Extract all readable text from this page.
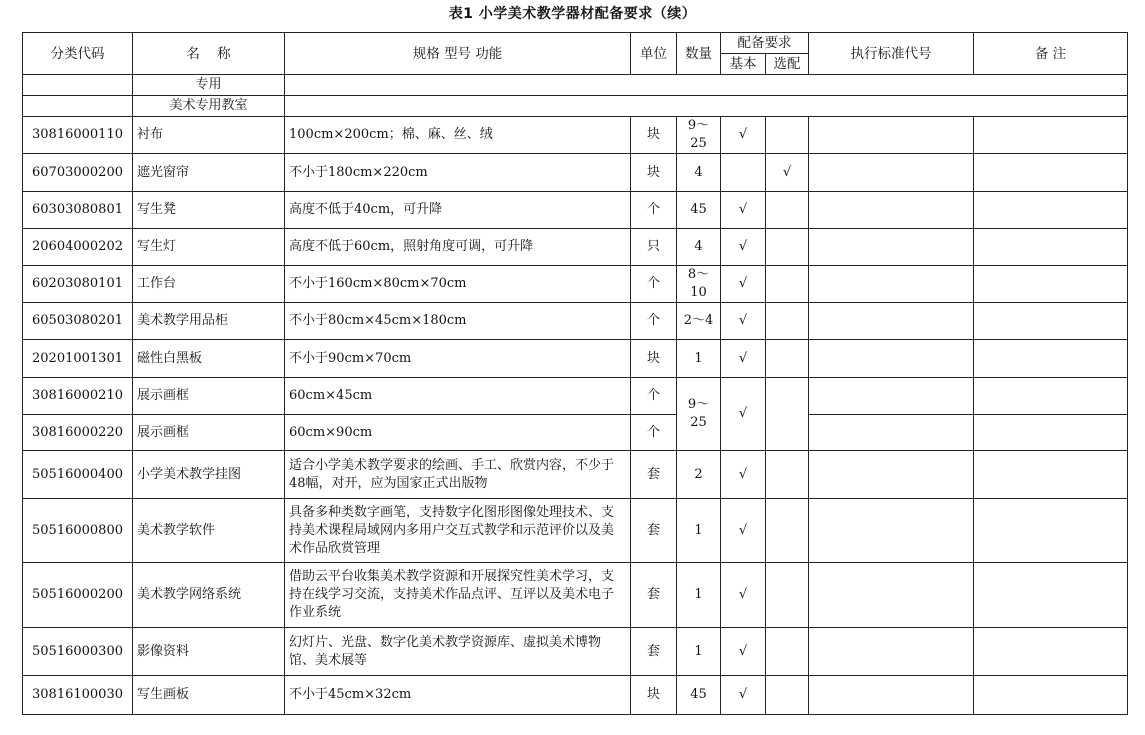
表1 小学美术教学器材配备要求（续）
分类代码	名    称	规格 型号 功能	单位	数量	配备要求		执行标准代号	备 注
					基本	选配		
	专用							
	美术专用教室							
30816000110	衬布	100cm×200cm；棉、麻、丝、绒	块	9～25	√			
60703000200	遮光窗帘	不小于180cm×220cm	块	4		√		
60303080801	写生凳	高度不低于40cm，可升降	个	45	√			
20604000202	写生灯	高度不低于60cm，照射角度可调，可升降	只	4	√			
60203080101	工作台	不小于160cm×80cm×70cm	个	8～10	√			
60503080201	美术教学用品柜	不小于80cm×45cm×180cm	个	2～4	√			
20201001301	磁性白黑板	不小于90cm×70cm	块	1	√			
30816000210	展示画框	60cm×45cm	个	9～25	√			
30816000220	展示画框	60cm×90cm	个					
50516000400	小学美术教学挂图	适合小学美术教学要求的绘画、手工、欣赏内容，不少于48幅，对开，应为国家正式出版物	套	2	√			
50516000800	美术教学软件	具备多种类数字画笔，支持数字化图形图像处理技术、支持美术课程局域网内多用户交互式教学和示范评价以及美术作品欣赏管理	套	1	√			
50516000200	美术教学网络系统	借助云平台收集美术教学资源和开展探究性美术学习，支持在线学习交流，支持美术作品点评、互评以及美术电子作业系统	套	1	√			
50516000300	影像资料	幻灯片、光盘、数字化美术教学资源库、虚拟美术博物馆、美术展等	套	1	√			
30816100030	写生画板	不小于45cm×32cm	块	45	√			
